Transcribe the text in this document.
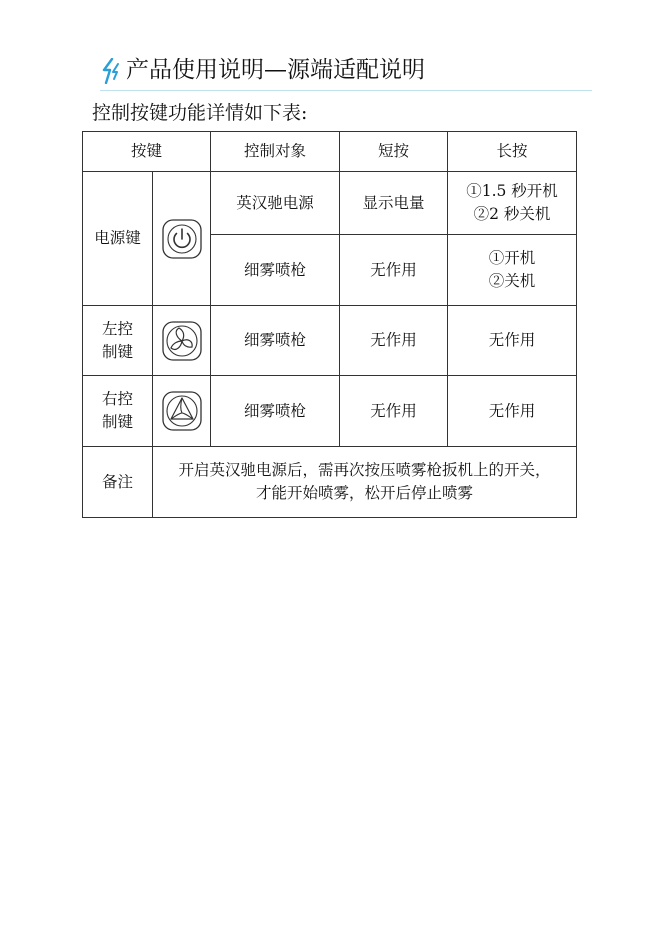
产品使用说明—源端适配说明
控制按键功能详情如下表:
按键		控制对象	短按	长按
电源键		英汉驰电源	显示电量	①1.5 秒开机
②2 秒关机

		细雾喷枪	无作用	①开机
②关机

左控
制键		细雾喷枪	无作用	无作用

右控
制键		细雾喷枪	无作用	无作用
备注	开启英汉驰电源后，需再次按压喷雾枪扳机上的开关，
才能开始喷雾，松开后停止喷雾			
